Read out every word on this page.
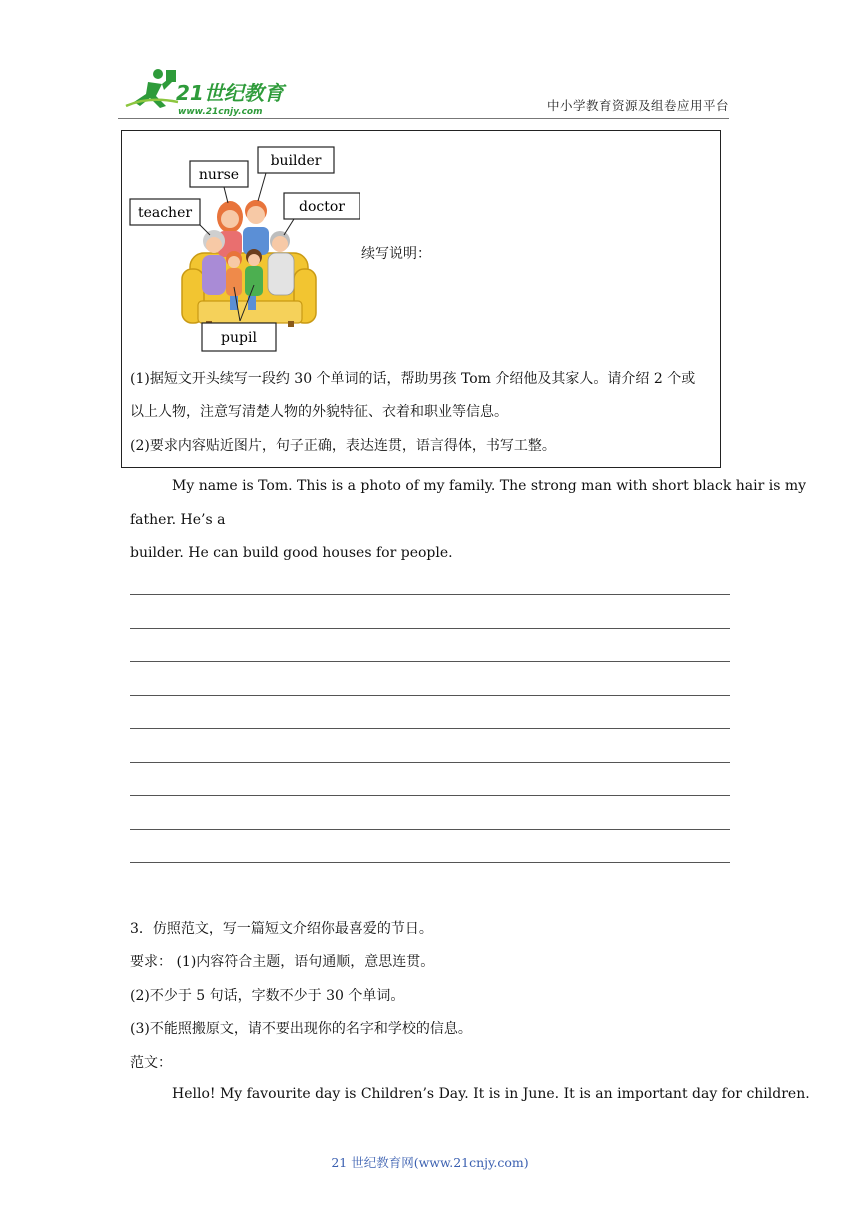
21世纪教育
www.21cnjy.com	中小学教育资源及组卷应用平台
nurse
builder
teacher	doctor
pupil
续写说明：
(1)据短文开头续写一段约 30 个单词的话，帮助男孩 Tom 介绍他及其家人。请介绍 2 个或
以上人物，注意写清楚人物的外貌特征、衣着和职业等信息。
(2)要求内容贴近图片，句子正确，表达连贯，语言得体，书写工整。
My name is Tom. This is a photo of my family. The strong man with short black hair is my
father. He’s a
builder. He can build good houses for people.
3．仿照范文，写一篇短文介绍你最喜爱的节日。
要求： (1)内容符合主题，语句通顺，意思连贯。
(2)不少于 5 句话，字数不少于 30 个单词。
(3)不能照搬原文，请不要出现你的名字和学校的信息。
范文：
Hello! My favourite day is Children’s Day. It is in June. It is an important day for children.
21 世纪教育网(www.21cnjy.com)
